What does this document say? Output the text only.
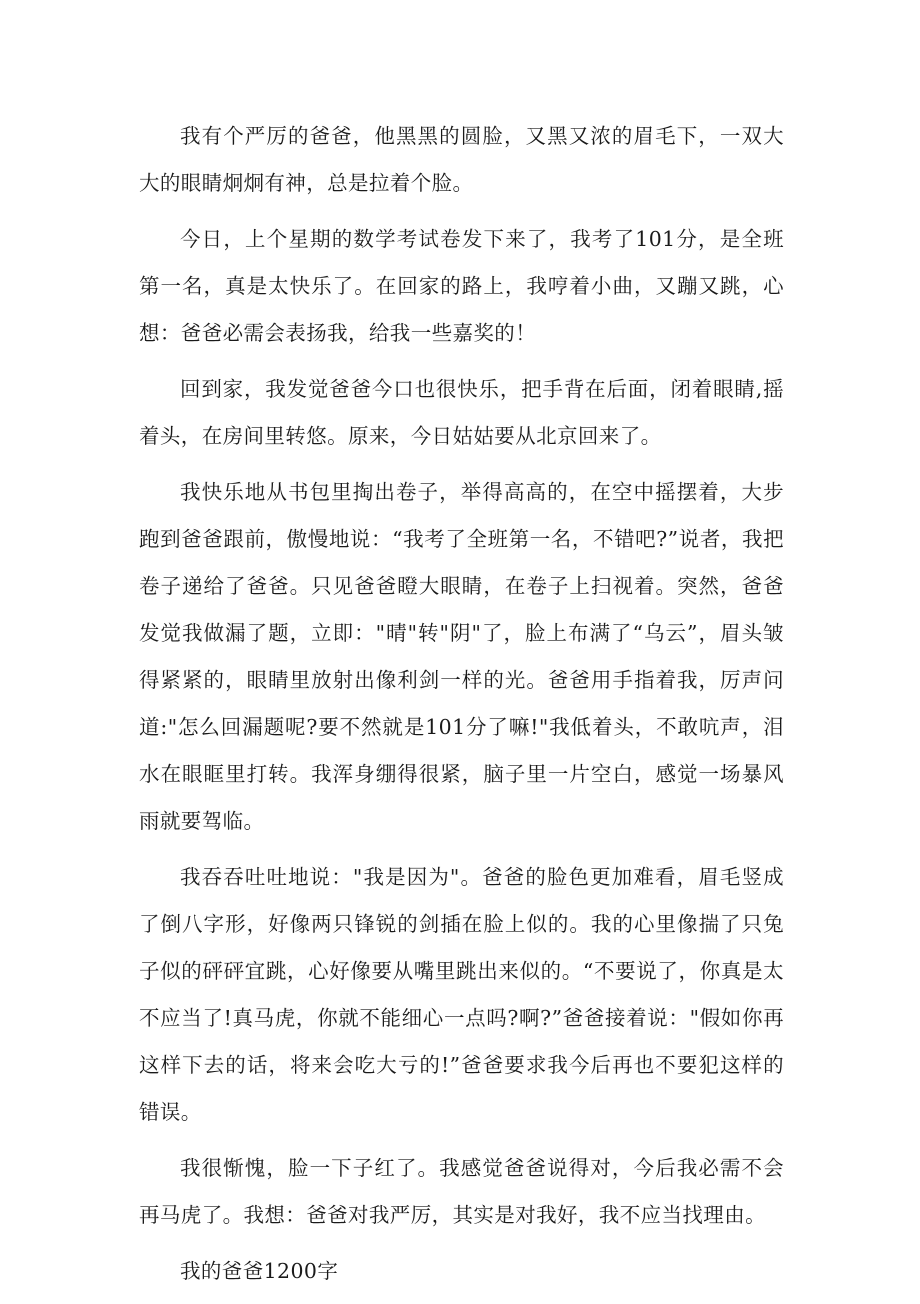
我有个严厉的爸爸，他黑黑的圆脸，又黑又浓的眉毛下，一双大大的眼睛炯炯有神，总是拉着个脸。

今日，上个星期的数学考试卷发下来了，我考了101分，是全班第一名，真是太快乐了。在回家的路上，我哼着小曲，又蹦又跳，心想：爸爸必需会表扬我，给我一些嘉奖的！

回到家，我发觉爸爸今口也很快乐，把手背在后面，闭着眼睛,摇着头，在房间里转悠。原来，今日姑姑要从北京回来了。

我快乐地从书包里掏出卷子，举得高高的，在空中摇摆着，大步跑到爸爸跟前，傲慢地说：“我考了全班第一名，不错吧?”说者，我把卷子递给了爸爸。只见爸爸瞪大眼睛，在卷子上扫视着。突然，爸爸发觉我做漏了题，立即："晴"转"阴"了，脸上布满了“乌云”，眉头皱得紧紧的，眼睛里放射出像利剑一样的光。爸爸用手指着我，厉声问道:"怎么回漏题呢?要不然就是101分了嘛!"我低着头，不敢吭声，泪水在眼眶里打转。我浑身绷得很紧，脑子里一片空白，感觉一场暴风雨就要驾临。

我吞吞吐吐地说："我是因为"。爸爸的脸色更加难看，眉毛竖成了倒八字形，好像两只锋锐的剑插在脸上似的。我的心里像揣了只兔子似的砰砰宜跳，心好像要从嘴里跳出来似的。“不要说了，你真是太不应当了!真马虎，你就不能细心一点吗?啊?”爸爸接着说："假如你再这样下去的话，将来会吃大亏的!”爸爸要求我今后再也不要犯这样的错误。

我很惭愧，脸一下子红了。我感觉爸爸说得对，今后我必需不会再马虎了。我想：爸爸对我严厉，其实是对我好，我不应当找理由。

我的爸爸1200字
